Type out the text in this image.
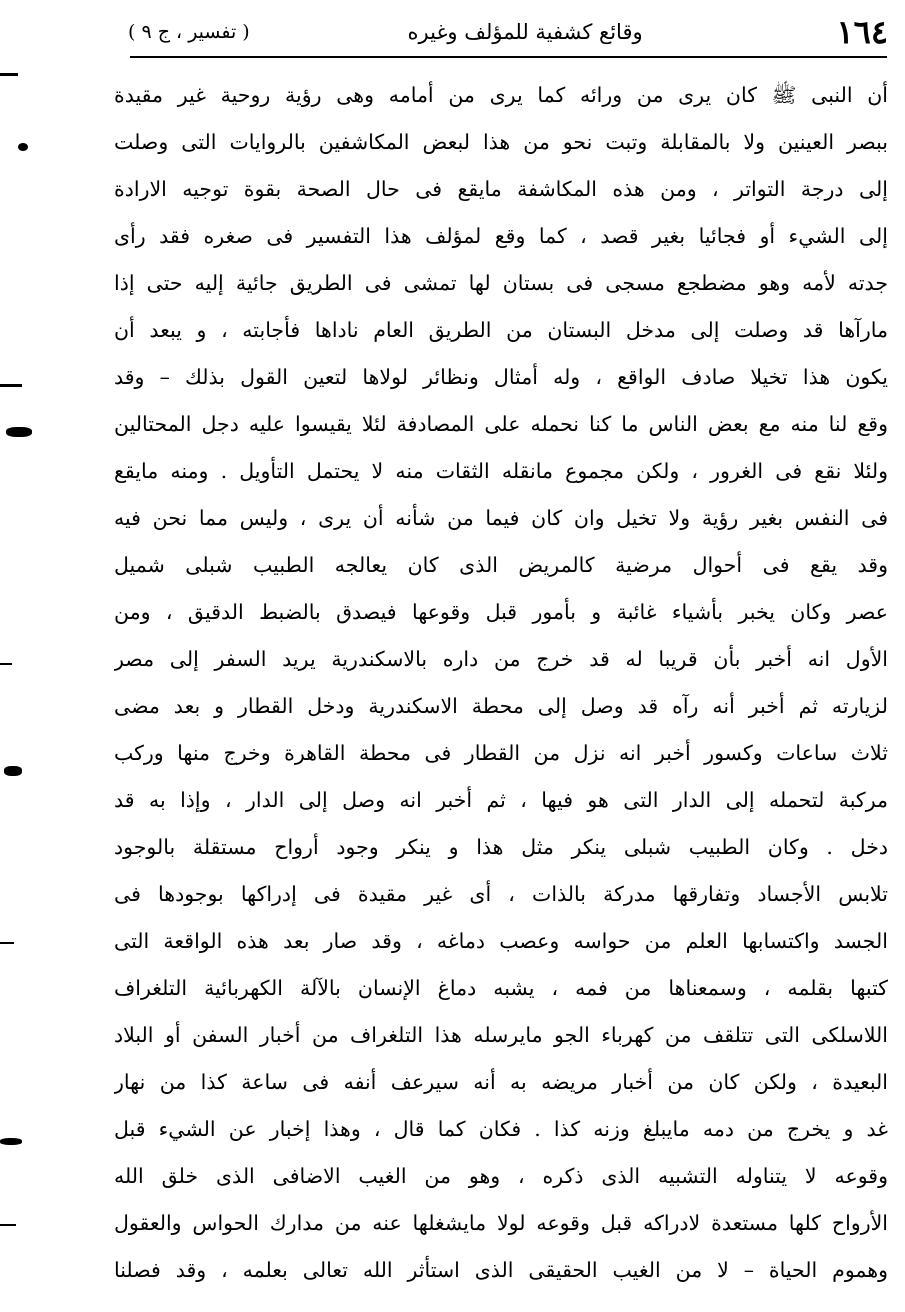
١٦٤
وقائع كشفية للمؤلف وغيره
( تفسير ، ج ٩ )
أن النبى ﷺ كان يرى من ورائه كما يرى من أمامه وهى رؤية روحية غير مقيدة
ببصر العينين ولا بالمقابلة وتبت نحو من هذا لبعض المكاشفين بالروايات التى وصلت
إلى درجة التواتر ، ومن هذه المكاشفة مايقع فى حال الصحة بقوة توجيه الارادة
إلى الشيء أو فجائيا بغير قصد ، كما وقع لمؤلف هذا التفسير فى صغره فقد رأى
جدته لأمه وهو مضطجع مسجى فى بستان لها تمشى فى الطريق جائية إليه حتى إذا
مارآها قد وصلت إلى مدخل البستان من الطريق العام ناداها فأجابته ، و يبعد أن
يكون هذا تخيلا صادف الواقع ، وله أمثال ونظائر لولاها لتعين القول بذلك – وقد
وقع لنا منه مع بعض الناس ما كنا نحمله على المصادفة لئلا يقيسوا عليه دجل المحتالين
ولئلا نقع فى الغرور ، ولكن مجموع مانقله الثقات منه لا يحتمل التأويل . ومنه مايقع
فى النفس بغير رؤية ولا تخيل وان كان فيما من شأنه أن يرى ، وليس مما نحن فيه
وقد يقع فى أحوال مرضية كالمريض الذى كان يعالجه الطبيب شبلى شميل
عصر وكان يخبر بأشياء غائبة و بأمور قبل وقوعها فيصدق بالضبط الدقيق ، ومن
الأول انه أخبر بأن قريبا له قد خرج من داره بالاسكندرية يريد السفر إلى مصر
لزيارته ثم أخبر أنه رآه قد وصل إلى محطة الاسكندرية ودخل القطار و بعد مضى
ثلاث ساعات وكسور أخبر انه نزل من القطار فى محطة القاهرة وخرج منها وركب
مركبة لتحمله إلى الدار التى هو فيها ، ثم أخبر انه وصل إلى الدار ، وإذا به قد
دخل . وكان الطبيب شبلى ينكر مثل هذا و ينكر وجود أرواح مستقلة بالوجود
تلابس الأجساد وتفارقها مدركة بالذات ، أى غير مقيدة فى إدراكها بوجودها فى
الجسد واكتسابها العلم من حواسه وعصب دماغه ، وقد صار بعد هذه الواقعة التى
كتبها بقلمه ، وسمعناها من فمه ، يشبه دماغ الإنسان بالآلة الكهربائية التلغراف
اللاسلكى التى تتلقف من كهرباء الجو مايرسله هذا التلغراف من أخبار السفن أو البلاد
البعيدة ، ولكن كان من أخبار مريضه به أنه سيرعف أنفه فى ساعة كذا من نهار
غد و يخرج من دمه مايبلغ وزنه كذا . فكان كما قال ، وهذا إخبار عن الشيء قبل
وقوعه لا يتناوله التشبيه الذى ذكره ، وهو من الغيب الاضافى الذى خلق الله
الأرواح كلها مستعدة لادراكه قبل وقوعه لولا مايشغلها عنه من مدارك الحواس والعقول
وهموم الحياة – لا من الغيب الحقيقى الذى استأثر الله تعالى بعلمه ، وقد فصلنا
